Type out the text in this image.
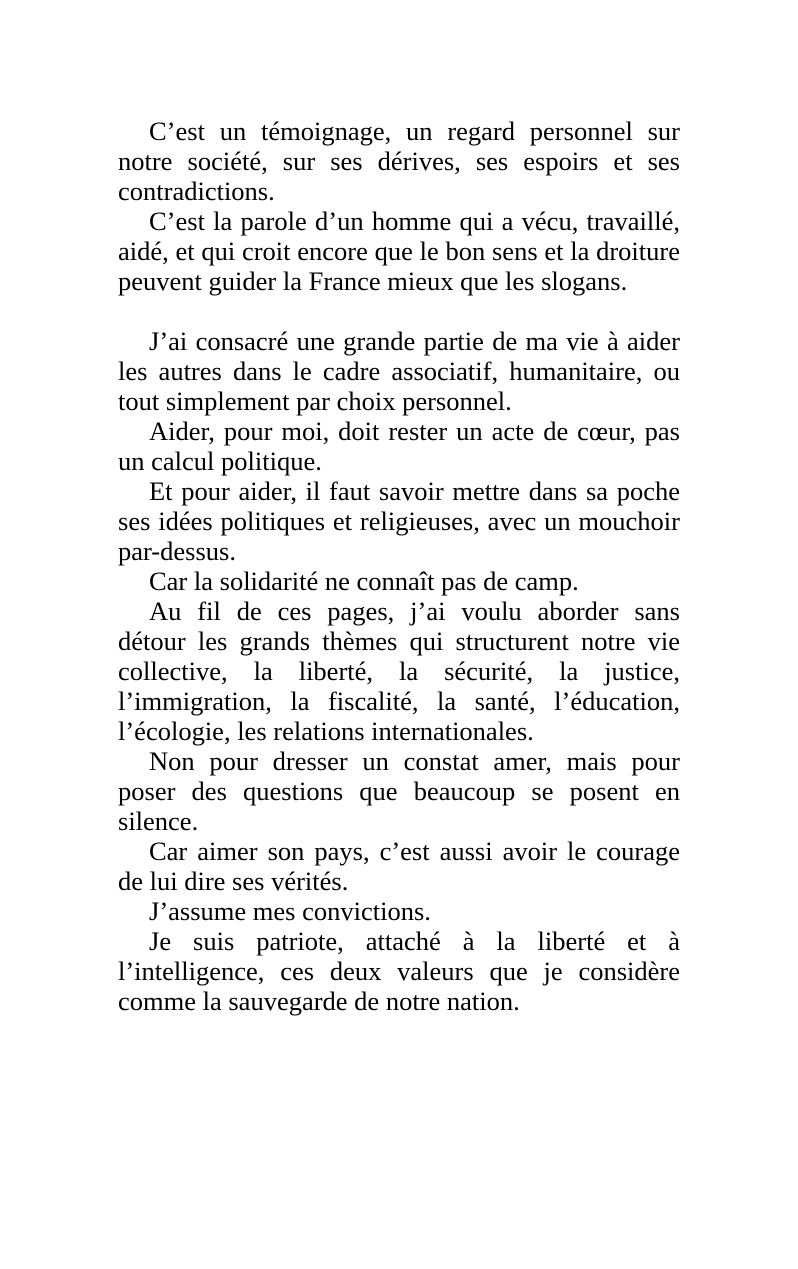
C’est un témoignage, un regard personnel sur notre société, sur ses dérives, ses espoirs et ses contradictions.

C’est la parole d’un homme qui a vécu, travaillé, aidé, et qui croit encore que le bon sens et la droiture peuvent guider la France mieux que les slogans.

J’ai consacré une grande partie de ma vie à aider les autres dans le cadre associatif, humanitaire, ou tout simplement par choix personnel.

Aider, pour moi, doit rester un acte de cœur, pas un calcul politique.

Et pour aider, il faut savoir mettre dans sa poche ses idées politiques et religieuses, avec un mouchoir par-dessus.

Car la solidarité ne connaît pas de camp.

Au fil de ces pages, j’ai voulu aborder sans détour les grands thèmes qui structurent notre vie collective, la liberté, la sécurité, la justice, l’immigration, la fiscalité, la santé, l’éducation, l’écologie, les relations internationales.

Non pour dresser un constat amer, mais pour poser des questions que beaucoup se posent en silence.

Car aimer son pays, c’est aussi avoir le courage de lui dire ses vérités.

J’assume mes convictions.

Je suis patriote, attaché à la liberté et à l’intelligence, ces deux valeurs que je considère comme la sauvegarde de notre nation.
